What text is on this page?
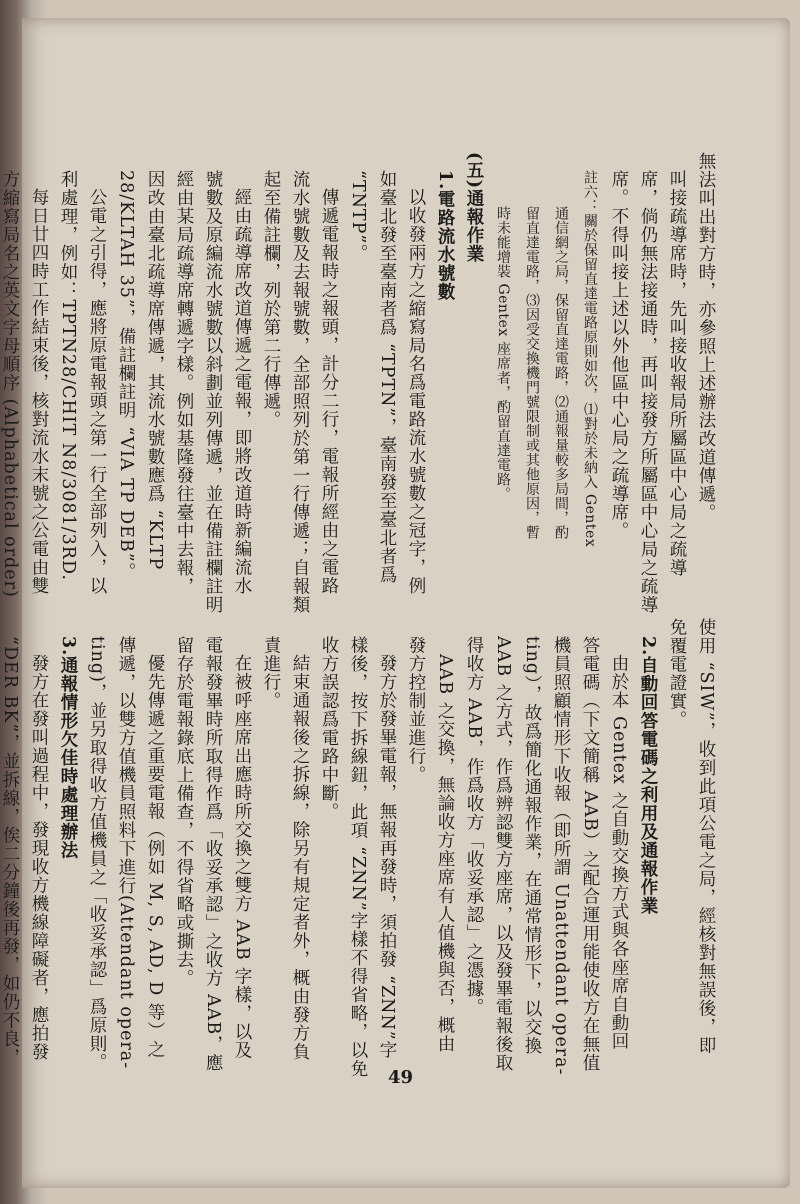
無法叫出對方時，亦參照上述辦法改道傳遞。
叫接疏導席時，先叫接收報局所屬區中心局之疏導
席，倘仍無法接通時，再叫接發方所屬區中心局之疏導
席。不得叫接上述以外他區中心局之疏導席。
註六：關於保留直達電路原則如次，⑴對於未納入 Gentex
通信網之局，保留直達電路，⑵通報量較多局間，酌
留直達電路，⑶因受交換機門號限制或其他原因，暫
時未能增裝 Gentex 座席者，酌留直達電路。
(五)通報作業
1.電路流水號數
以收發兩方之縮寫局名爲電路流水號數之冠字，例
如臺北發至臺南者爲 “TPTN”，臺南發至臺北者爲
“TNTP”。
傳遞電報時之報頭，計分二行，電報所經由之電路
流水號數及去報號數，全部照列於第一行傳遞；自報類
起至備註欄，列於第二行傳遞。
經由疏導席改道傳遞之電報，即將改道時新編流水
號數及原編流水號數以斜劃並列傳遞，並在備註欄註明
經由某局疏導席轉遞字樣。例如基隆發往臺中去報，
因改由臺北疏導席傳遞，其流水號數應爲 “KLTP
28/KLTAH 35”，備註欄註明 “VIA TP DEB”。
公電之引得，應將原電報頭之第一行全部列入，以
利處理，例如：TPTN28/CHIT N8/3081/3RD.
每日廿四時工作結束後，核對流水末號之公電由雙
方縮寫局名之英文字母順序 (Alphabetical order)
使用 “SIW”，收到此項公電之局，經核對無誤後，即
免覆電證實。
2.自動回答電碼之利用及通報作業
由於本 Gentex 之自動交換方式與各座席自動回
答電碼（下文簡稱 AAB）之配合運用能使收方在無值
機員照顧情形下收報（即所謂 Unattendant opera-
ting），故爲簡化通報作業，在通常情形下，以交換
AAB 之方式，作爲辨認雙方座席，以及發畢電報後取
得收方 AAB，作爲收方「收妥承認」之憑據。
AAB 之交換，無論收方座席有人值機與否，概由
發方控制並進行。
發方於發畢電報，無報再發時，須拍發 “ZNN”字
樣後，按下拆線鈕，此項 “ZNN”字樣不得省略，以免
收方誤認爲電路中斷。
結束通報後之拆線，除另有規定者外，概由發方負
責進行。
在被呼座席出應時所交換之雙方 AAB 字樣，以及
電報發畢時所取得作爲「收妥承認」之收方 AAB，應
留存於電報錄底上備查，不得省略或撕去。
優先傳遞之重要電報（例如 M, S, AD, D 等）之
傳遞，以雙方值機員照料下進行(Attendant opera-
ting)，並另取得收方值機員之「收妥承認」爲原則。
3.通報情形欠佳時處理辦法
發方在發叫過程中，發現收方機線障礙者，應拍發
“DER BK”，並拆線，俟二分鐘後再發，如仍不良，
49
